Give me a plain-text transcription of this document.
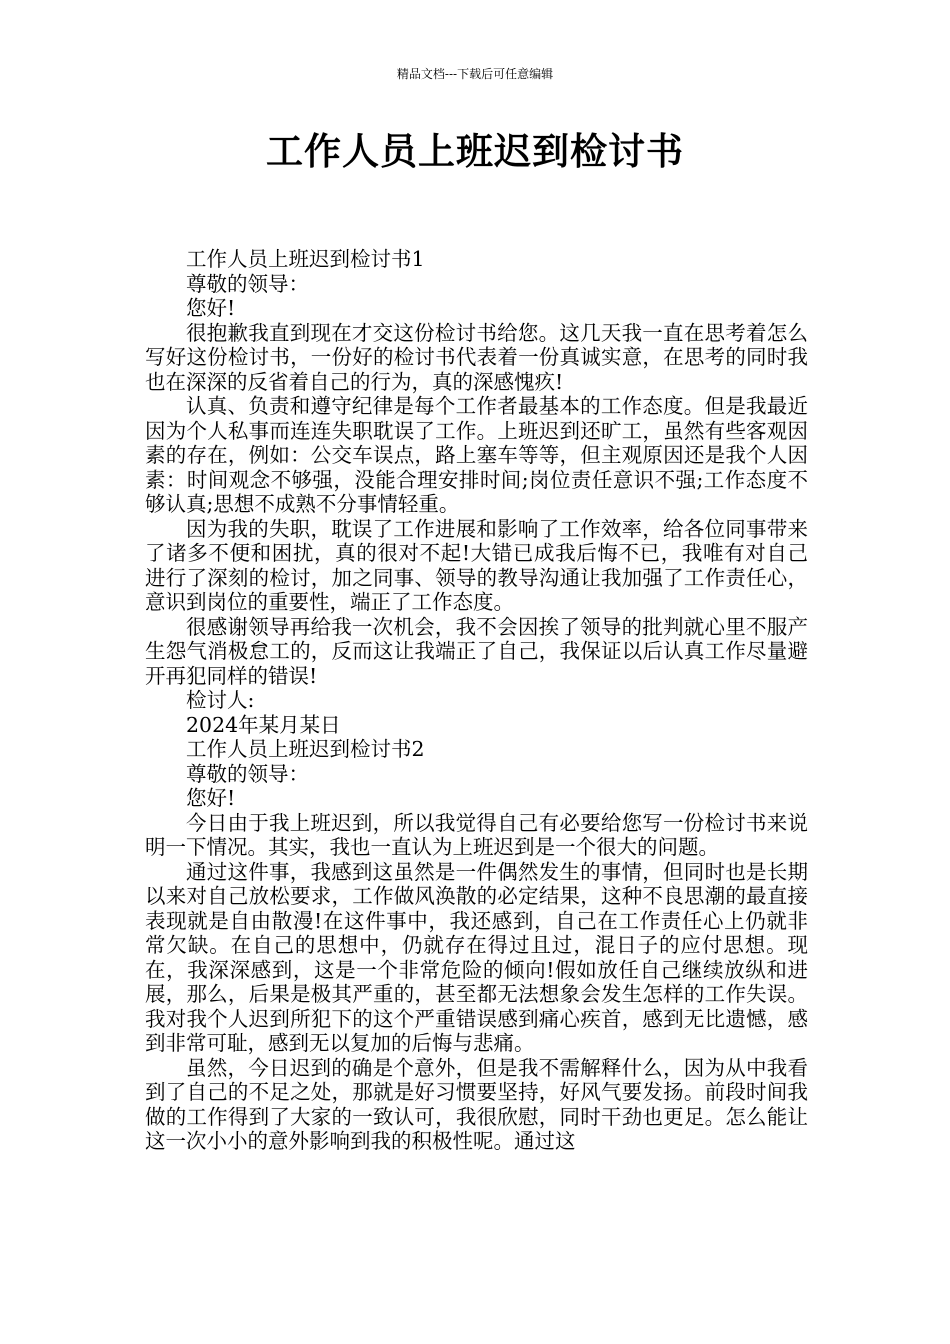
精品文档---下载后可任意编辑
工作人员上班迟到检讨书

工作人员上班迟到检讨书1

尊敬的领导：

您好!

很抱歉我直到现在才交这份检讨书给您。这几天我一直在思考着怎么写好这份检讨书，一份好的检讨书代表着一份真诚实意，在思考的同时我也在深深的反省着自己的行为，真的深感愧疚!

认真、负责和遵守纪律是每个工作者最基本的工作态度。但是我最近因为个人私事而连连失职耽误了工作。上班迟到还旷工，虽然有些客观因素的存在，例如：公交车误点，路上塞车等等，但主观原因还是我个人因素：时间观念不够强，没能合理安排时间;岗位责任意识不强;工作态度不够认真;思想不成熟不分事情轻重。

因为我的失职，耽误了工作进展和影响了工作效率，给各位同事带来了诸多不便和困扰，真的很对不起!大错已成我后悔不已，我唯有对自己进行了深刻的检讨，加之同事、领导的教导沟通让我加强了工作责任心，意识到岗位的重要性，端正了工作态度。

很感谢领导再给我一次机会，我不会因挨了领导的批判就心里不服产生怨气消极怠工的，反而这让我端正了自己，我保证以后认真工作尽量避开再犯同样的错误!

检讨人:

2024年某月某日

工作人员上班迟到检讨书2

尊敬的领导：

您好!

今日由于我上班迟到，所以我觉得自己有必要给您写一份检讨书来说明一下情况。其实，我也一直认为上班迟到是一个很大的问题。

通过这件事，我感到这虽然是一件偶然发生的事情，但同时也是长期以来对自己放松要求，工作做风涣散的必定结果，这种不良思潮的最直接表现就是自由散漫!在这件事中，我还感到，自己在工作责任心上仍就非常欠缺。在自己的思想中，仍就存在得过且过，混日子的应付思想。现在，我深深感到，这是一个非常危险的倾向!假如放任自己继续放纵和进展，那么，后果是极其严重的，甚至都无法想象会发生怎样的工作失误。我对我个人迟到所犯下的这个严重错误感到痛心疾首，感到无比遗憾，感到非常可耻，感到无以复加的后悔与悲痛。

虽然，今日迟到的确是个意外，但是我不需解释什么，因为从中我看到了自己的不足之处，那就是好习惯要坚持，好风气要发扬。前段时间我做的工作得到了大家的一致认可，我很欣慰，同时干劲也更足。怎么能让这一次小小的意外影响到我的积极性呢。通过这
